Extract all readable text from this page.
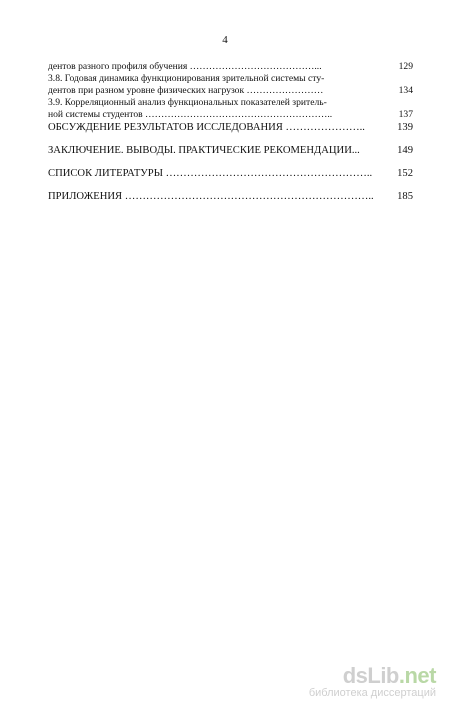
4
дентов разного профиля обучения …………………………………...	129
3.8. Годовая динамика функционирования зрительной системы сту-
дентов при разном уровне физических нагрузок ……………………	134
3.9. Корреляционный анализ функциональных показателей зритель-
ной системы студентов …………………………………………………..	137
ОБСУЖДЕНИЕ РЕЗУЛЬТАТОВ ИССЛЕДОВАНИЯ …………………..	139
ЗАКЛЮЧЕНИЕ. ВЫВОДЫ. ПРАКТИЧЕСКИЕ РЕКОМЕНДАЦИИ...	149
СПИСОК ЛИТЕРАТУРЫ …………………………………………………..	152
ПРИЛОЖЕНИЯ ……………………………………………………………..	185
dsLib.net
библиотека диссертаций
